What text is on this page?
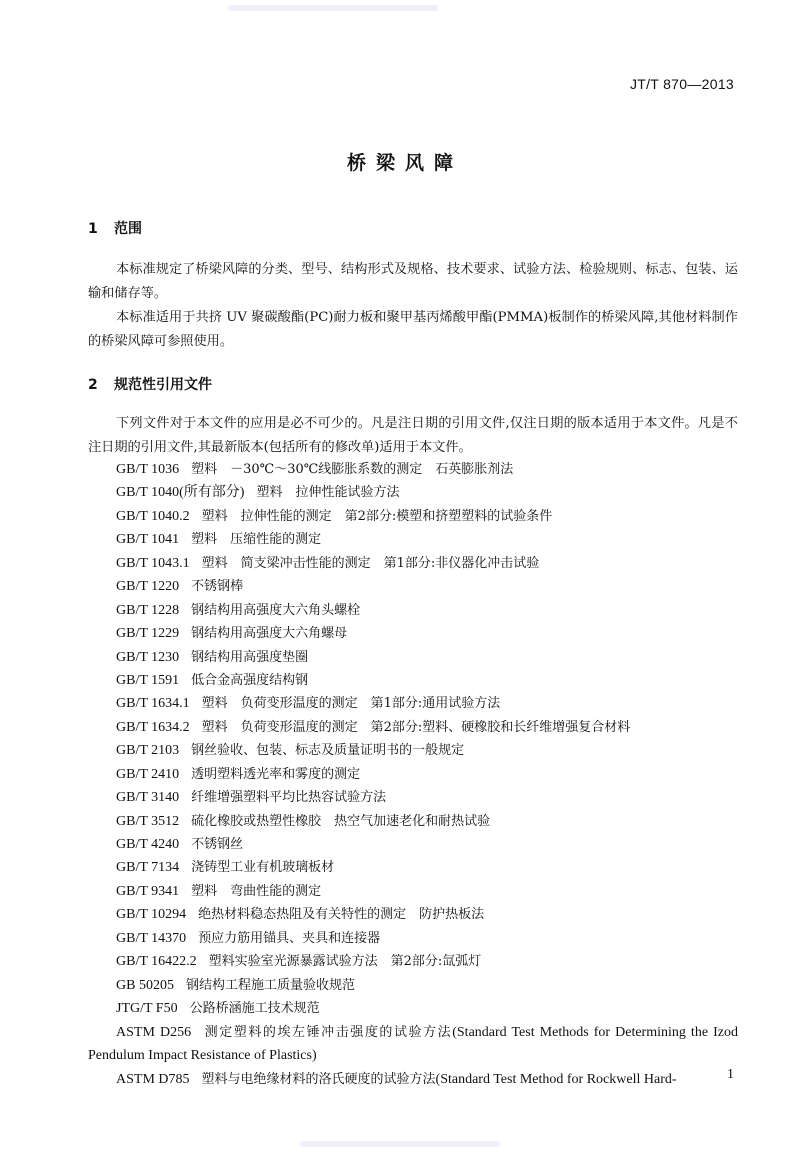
JT/T 870—2013
桥梁风障
1 范围
本标准规定了桥梁风障的分类、型号、结构形式及规格、技术要求、试验方法、检验规则、标志、包装、运输和储存等。
本标准适用于共挤 UV 聚碳酸酯(PC)耐力板和聚甲基丙烯酸甲酯(PMMA)板制作的桥梁风障,其他材料制作的桥梁风障可参照使用。
2 规范性引用文件
下列文件对于本文件的应用是必不可少的。凡是注日期的引用文件,仅注日期的版本适用于本文件。凡是不注日期的引用文件,其最新版本(包括所有的修改单)适用于本文件。
GB/T 1036 塑料　－30℃～30℃线膨胀系数的测定　石英膨胀剂法
GB/T 1040(所有部分) 塑料　拉伸性能试验方法
GB/T 1040.2 塑料　拉伸性能的测定　第2部分:模塑和挤塑塑料的试验条件
GB/T 1041 塑料　压缩性能的测定
GB/T 1043.1 塑料　简支梁冲击性能的测定　第1部分:非仪器化冲击试验
GB/T 1220 不锈钢棒
GB/T 1228 钢结构用高强度大六角头螺栓
GB/T 1229 钢结构用高强度大六角螺母
GB/T 1230 钢结构用高强度垫圈
GB/T 1591 低合金高强度结构钢
GB/T 1634.1 塑料　负荷变形温度的测定　第1部分:通用试验方法
GB/T 1634.2 塑料　负荷变形温度的测定　第2部分:塑料、硬橡胶和长纤维增强复合材料
GB/T 2103 钢丝验收、包装、标志及质量证明书的一般规定
GB/T 2410 透明塑料透光率和雾度的测定
GB/T 3140 纤维增强塑料平均比热容试验方法
GB/T 3512 硫化橡胶或热塑性橡胶　热空气加速老化和耐热试验
GB/T 4240 不锈钢丝
GB/T 7134 浇铸型工业有机玻璃板材
GB/T 9341 塑料　弯曲性能的测定
GB/T 10294 绝热材料稳态热阻及有关特性的测定　防护热板法
GB/T 14370 预应力筋用锚具、夹具和连接器
GB/T 16422.2 塑料实验室光源暴露试验方法　第2部分:氙弧灯
GB 50205 钢结构工程施工质量验收规范
JTG/T F50 公路桥涵施工技术规范
ASTM D256 测定塑料的埃左锤冲击强度的试验方法(Standard Test Methods for Determining the Izod Pendulum Impact Resistance of Plastics)
ASTM D785 塑料与电绝缘材料的洛氏硬度的试验方法(Standard Test Method for Rockwell Hard-	1
